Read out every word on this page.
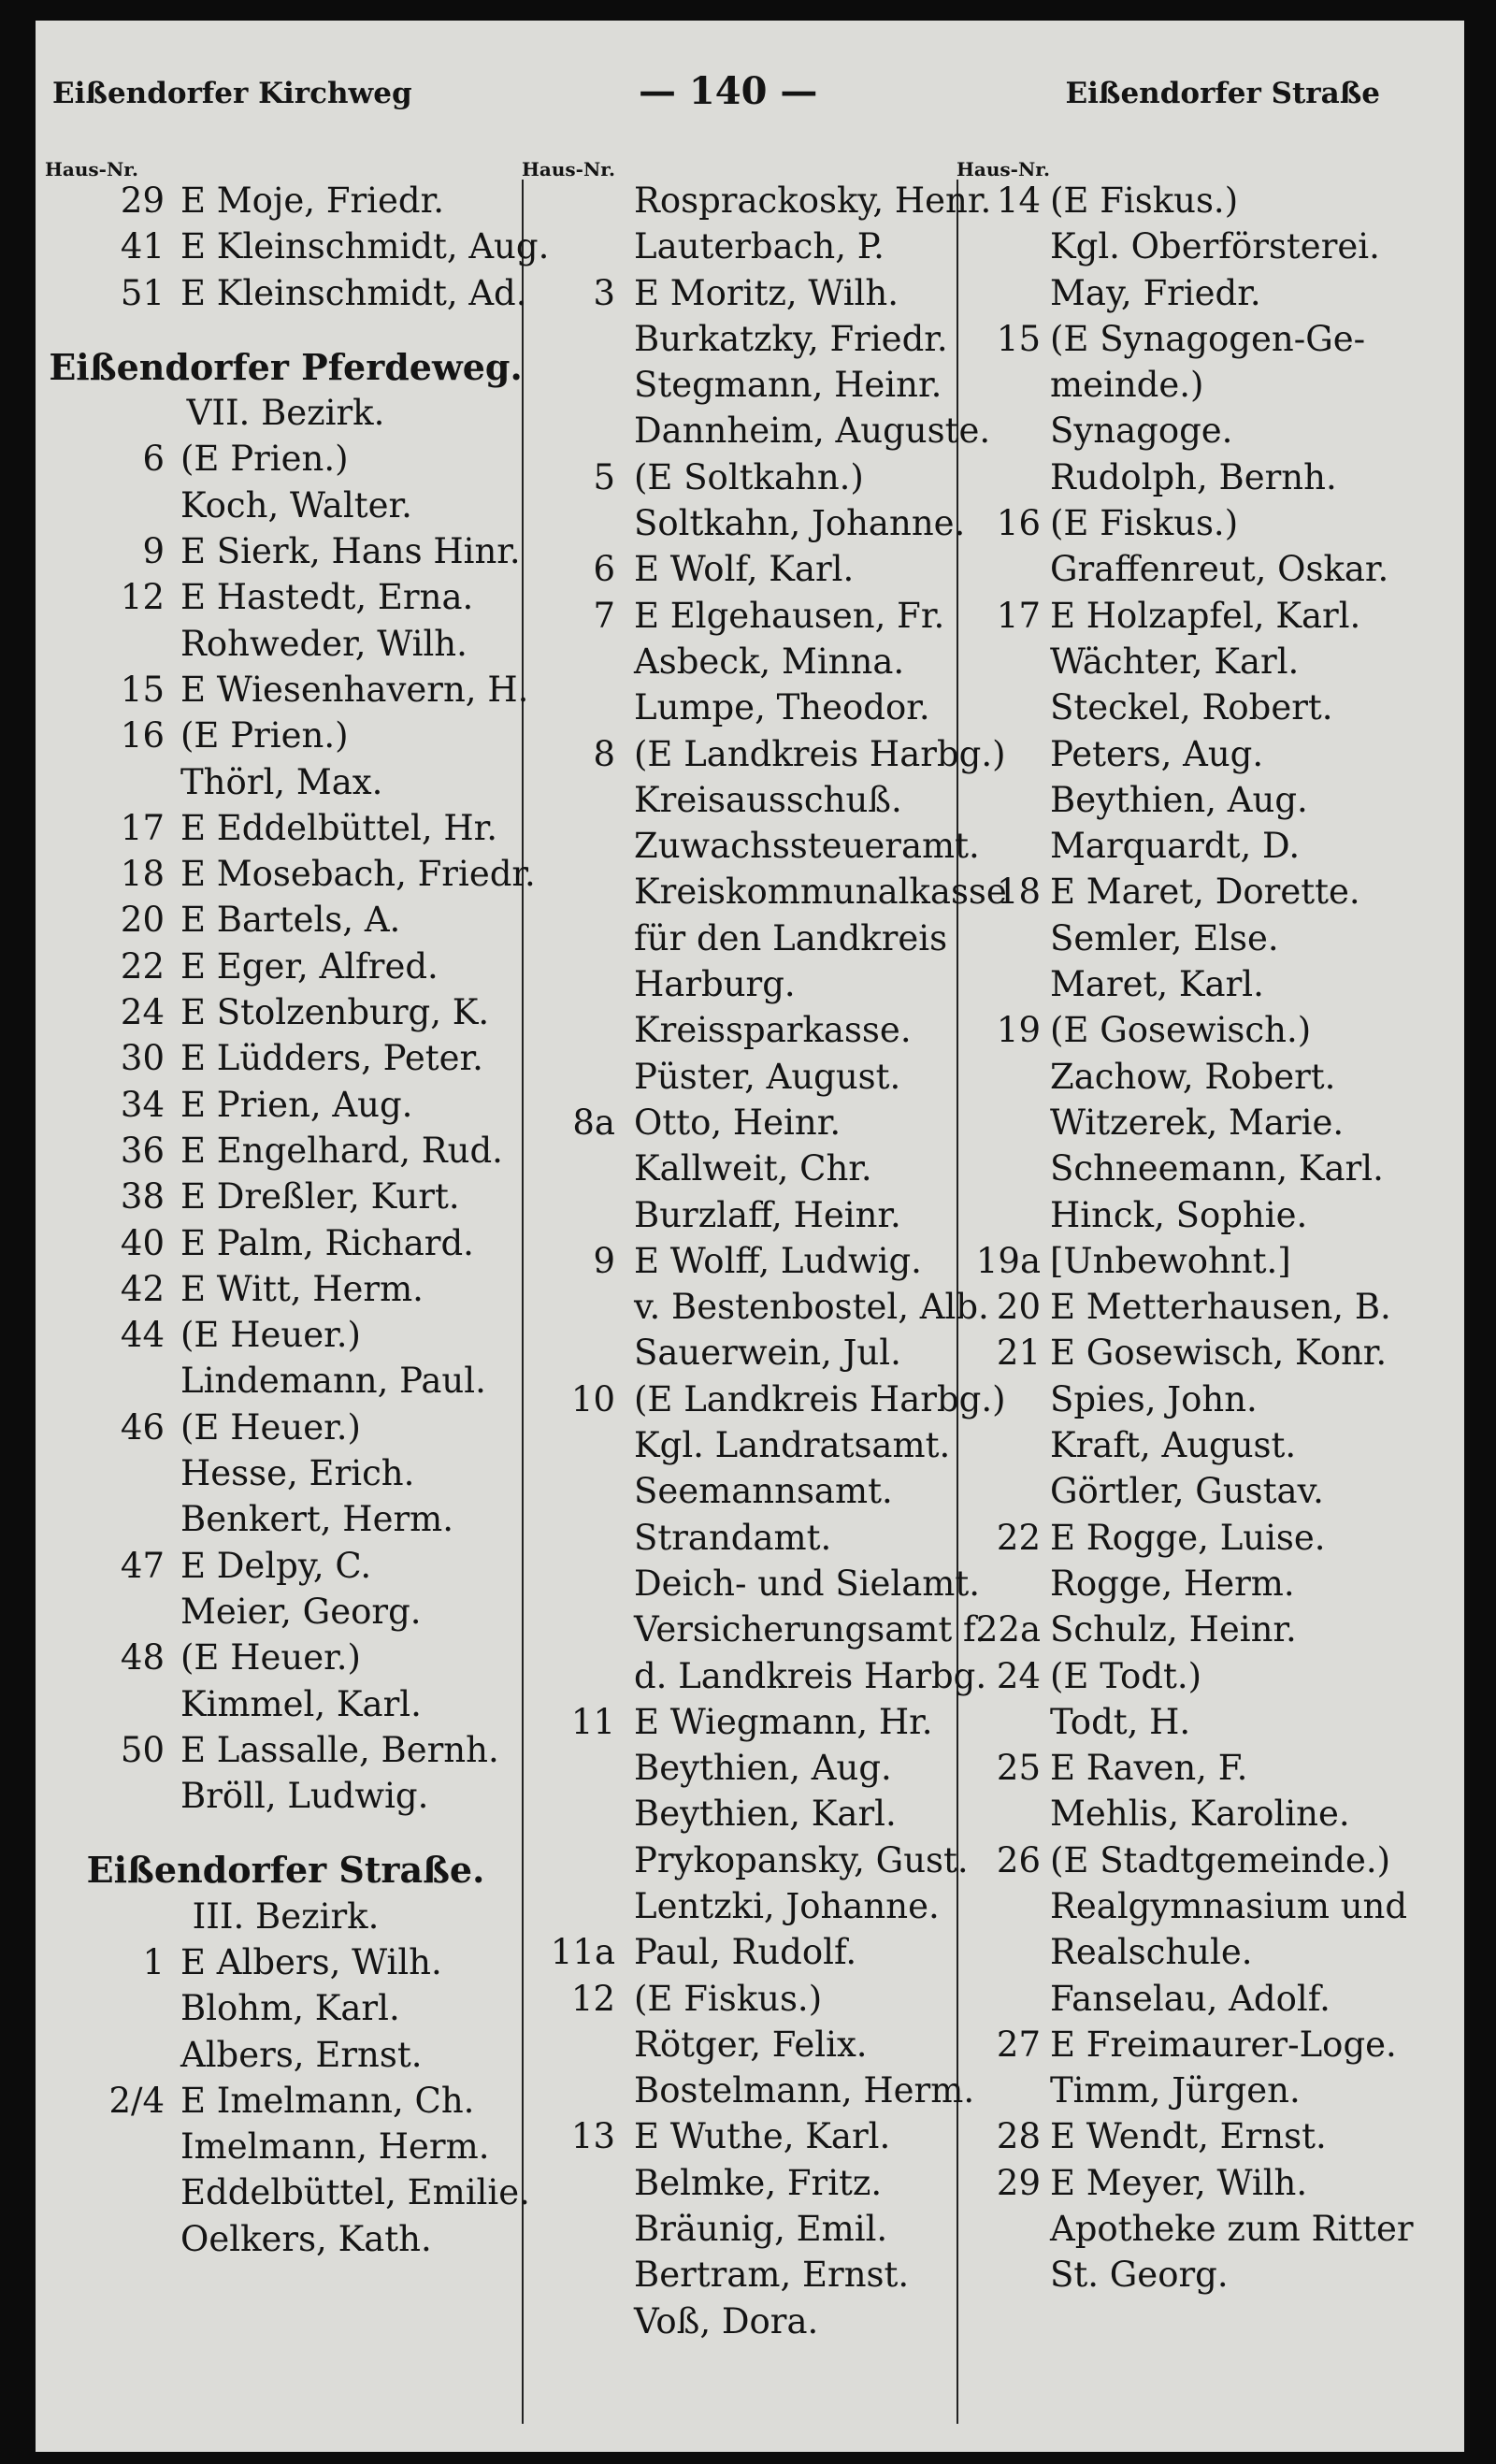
Eißendorfer Kirchweg	— 140 —	Eißendorfer Straße
Haus-Nr.
29 E Moje, Friedr.
41 E Kleinschmidt, Aug.
51 E Kleinschmidt, Ad.
Eißendorfer Pferdeweg.
VII. Bezirk.
6 (E Prien.)
Koch, Walter.
9 E Sierk, Hans Hinr.
12 E Hastedt, Erna.
Rohweder, Wilh.
15 E Wiesenhavern, H.
16 (E Prien.)
Thörl, Max.
17 E Eddelbüttel, Hr.
18 E Mosebach, Friedr.
20 E Bartels, A.
22 E Eger, Alfred.
24 E Stolzenburg, K.
30 E Lüdders, Peter.
34 E Prien, Aug.
36 E Engelhard, Rud.
38 E Dreßler, Kurt.
40 E Palm, Richard.
42 E Witt, Herm.
44 (E Heuer.)
Lindemann, Paul.
46 (E Heuer.)
Hesse, Erich.
Benkert, Herm.
47 E Delpy, C.
Meier, Georg.
48 (E Heuer.)
Kimmel, Karl.
50 E Lassalle, Bernh.
Bröll, Ludwig.
Eißendorfer Straße.
III. Bezirk.
1 E Albers, Wilh.
Blohm, Karl.
Albers, Ernst.
2/4 E Imelmann, Ch.
Imelmann, Herm.
Eddelbüttel, Emilie.
Oelkers, Kath.
Haus-Nr.
Rosprackosky, Henr.
Lauterbach, P.
3 E Moritz, Wilh.
Burkatzky, Friedr.
Stegmann, Heinr.
Dannheim, Auguste.
5 (E Soltkahn.)
Soltkahn, Johanne.
6 E Wolf, Karl.
7 E Elgehausen, Fr.
Asbeck, Minna.
Lumpe, Theodor.
8 (E Landkreis Harbg.)
Kreisausschuß.
Zuwachssteueramt.
Kreiskommunalkasse
für den Landkreis
Harburg.
Kreissparkasse.
Püster, August.
8a Otto, Heinr.
Kallweit, Chr.
Burzlaff, Heinr.
9 E Wolff, Ludwig.
v. Bestenbostel, Alb.
Sauerwein, Jul.
10 (E Landkreis Harbg.)
Kgl. Landratsamt.
Seemannsamt.
Strandamt.
Deich- und Sielamt.
Versicherungsamt f.
d. Landkreis Harbg.
11 E Wiegmann, Hr.
Beythien, Aug.
Beythien, Karl.
Prykopansky, Gust.
Lentzki, Johanne.
11a Paul, Rudolf.
12 (E Fiskus.)
Rötger, Felix.
Bostelmann, Herm.
13 E Wuthe, Karl.
Belmke, Fritz.
Bräunig, Emil.
Bertram, Ernst.
Voß, Dora.
Haus-Nr.
14 (E Fiskus.)
Kgl. Oberförsterei.
May, Friedr.
15 (E Synagogen-Ge-
meinde.)
Synagoge.
Rudolph, Bernh.
16 (E Fiskus.)
Graffenreut, Oskar.
17 E Holzapfel, Karl.
Wächter, Karl.
Steckel, Robert.
Peters, Aug.
Beythien, Aug.
Marquardt, D.
18 E Maret, Dorette.
Semler, Else.
Maret, Karl.
19 (E Gosewisch.)
Zachow, Robert.
Witzerek, Marie.
Schneemann, Karl.
Hinck, Sophie.
19a [Unbewohnt.]
20 E Metterhausen, B.
21 E Gosewisch, Konr.
Spies, John.
Kraft, August.
Görtler, Gustav.
22 E Rogge, Luise.
Rogge, Herm.
22a Schulz, Heinr.
24 (E Todt.)
Todt, H.
25 E Raven, F.
Mehlis, Karoline.
26 (E Stadtgemeinde.)
Realgymnasium und
Realschule.
Fanselau, Adolf.
27 E Freimaurer-Loge.
Timm, Jürgen.
28 E Wendt, Ernst.
29 E Meyer, Wilh.
Apotheke zum Ritter
St. Georg.
